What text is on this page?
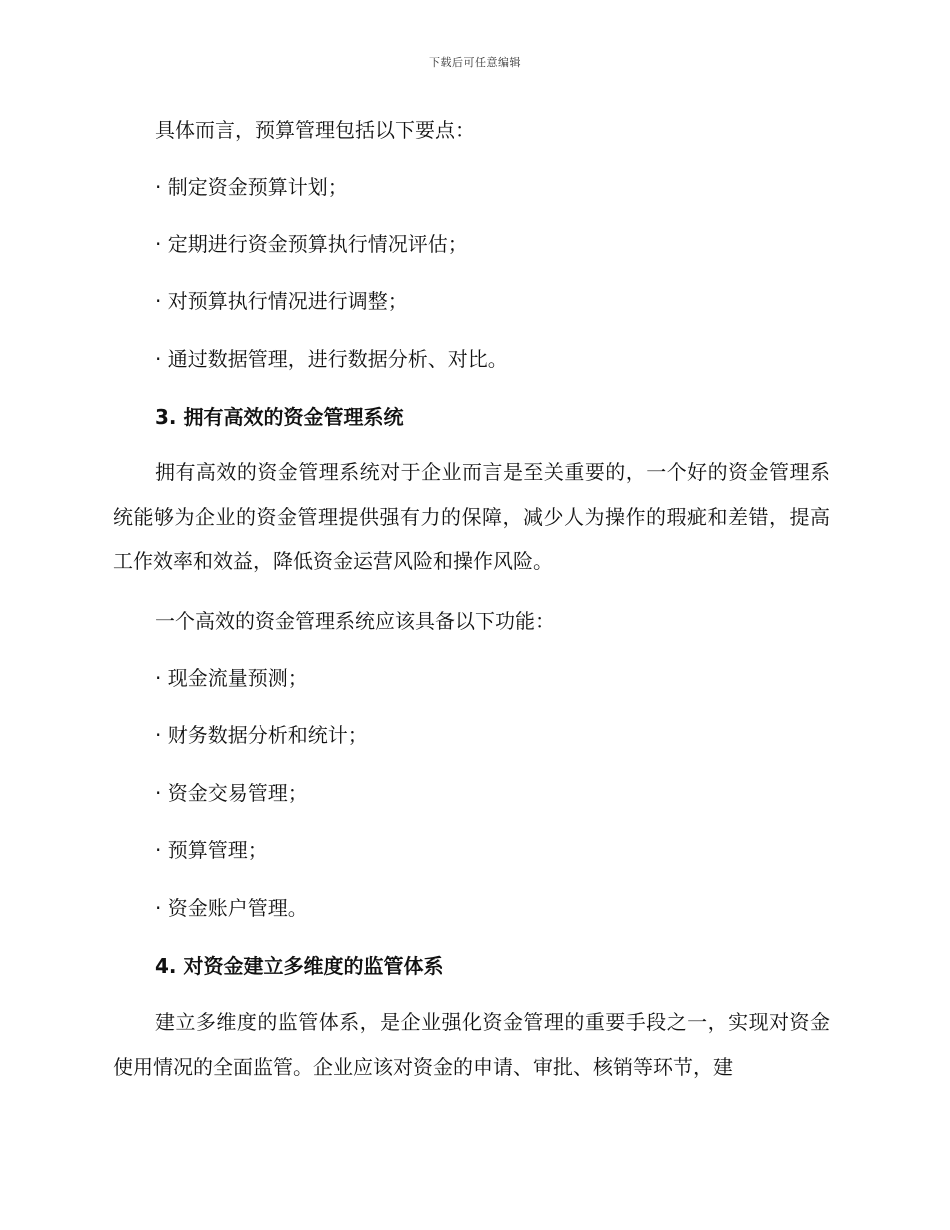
下载后可任意编辑
具体而言，预算管理包括以下要点：
· 制定资金预算计划；
· 定期进行资金预算执行情况评估；
· 对预算执行情况进行调整；
· 通过数据管理，进行数据分析、对比。
3. 拥有高效的资金管理系统
拥有高效的资金管理系统对于企业而言是至关重要的，一个好的资金管理系统能够为企业的资金管理提供强有力的保障，减少人为操作的瑕疵和差错，提高工作效率和效益，降低资金运营风险和操作风险。
一个高效的资金管理系统应该具备以下功能：
· 现金流量预测；
· 财务数据分析和统计；
· 资金交易管理；
· 预算管理；
· 资金账户管理。
4. 对资金建立多维度的监管体系
建立多维度的监管体系，是企业强化资金管理的重要手段之一，实现对资金使用情况的全面监管。企业应该对资金的申请、审批、核销等环节，建
